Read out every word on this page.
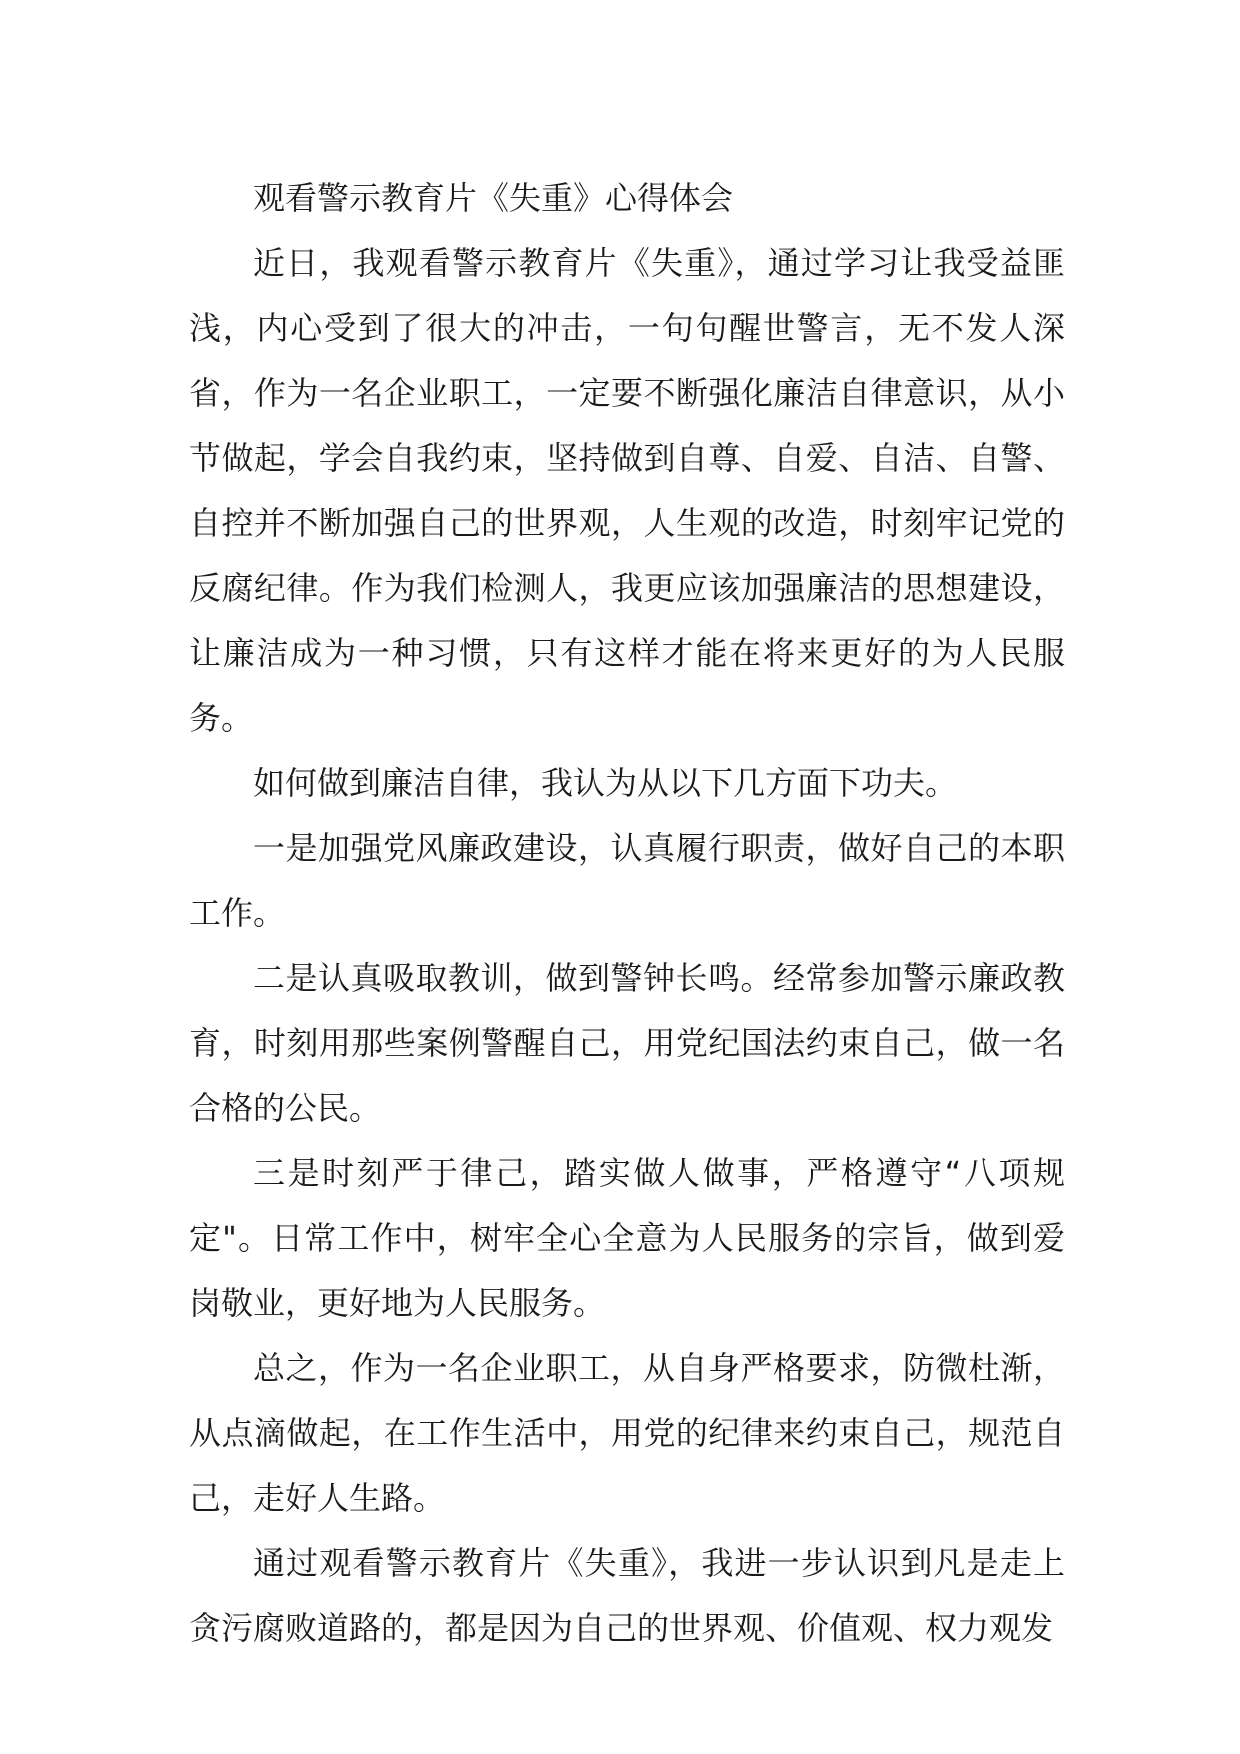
观看警示教育片《失重》心得体会

近日，我观看警示教育片《失重》，通过学习让我受益匪浅，内心受到了很大的冲击，一句句醒世警言，无不发人深省，作为一名企业职工，一定要不断强化廉洁自律意识，从小节做起，学会自我约束，坚持做到自尊、自爱、自洁、自警、自控并不断加强自己的世界观，人生观的改造，时刻牢记党的反腐纪律。作为我们检测人，我更应该加强廉洁的思想建设，让廉洁成为一种习惯，只有这样才能在将来更好的为人民服务。

如何做到廉洁自律，我认为从以下几方面下功夫。

一是加强党风廉政建设，认真履行职责，做好自己的本职工作。

二是认真吸取教训，做到警钟长鸣。经常参加警示廉政教育，时刻用那些案例警醒自己，用党纪国法约束自己，做一名合格的公民。

三是时刻严于律己，踏实做人做事，严格遵守“八项规定"。日常工作中，树牢全心全意为人民服务的宗旨，做到爱岗敬业，更好地为人民服务。

总之，作为一名企业职工，从自身严格要求，防微杜渐，从点滴做起，在工作生活中，用党的纪律来约束自己，规范自己，走好人生路。

通过观看警示教育片《失重》，我进一步认识到凡是走上贪污腐败道路的，都是因为自己的世界观、价值观、权力观发
